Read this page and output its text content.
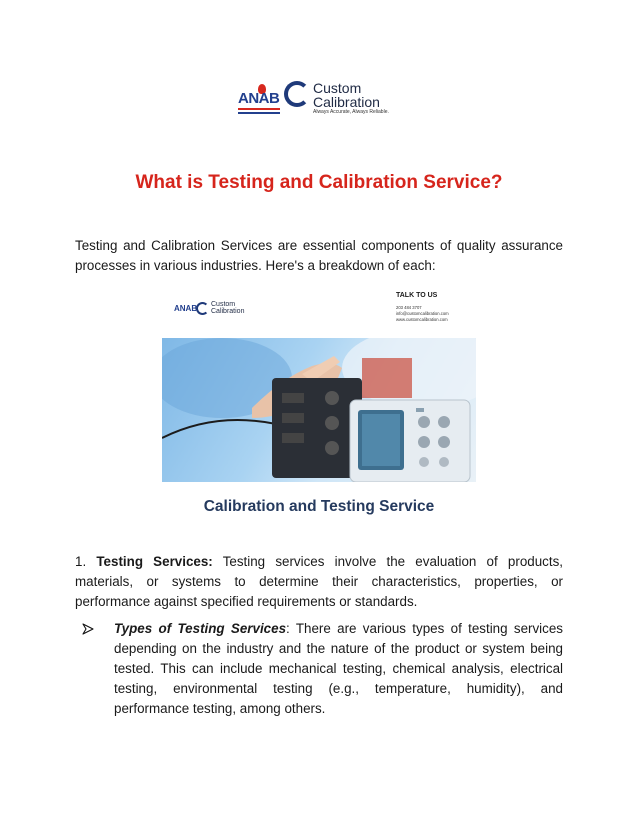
ANAB
Custom
Calibration
Always Accurate, Always Reliable.
What is Testing and Calibration Service?

Testing and Calibration Services are essential components of quality assurance processes in various industries. Here's a breakdown of each:

ANAB Custom
Calibration
TALK TO US
203 484 3707
info@customcalibration.com
www.customcalibration.com
Calibration and Testing Service

1. Testing Services: Testing services involve the evaluation of products, materials, or systems to determine their characteristics, properties, or performance against specified requirements or standards.

Types of Testing Services: There are various types of testing services depending on the industry and the nature of the product or system being tested. This can include mechanical testing, chemical analysis, electrical testing, environmental testing (e.g., temperature, humidity), and performance testing, among others.
